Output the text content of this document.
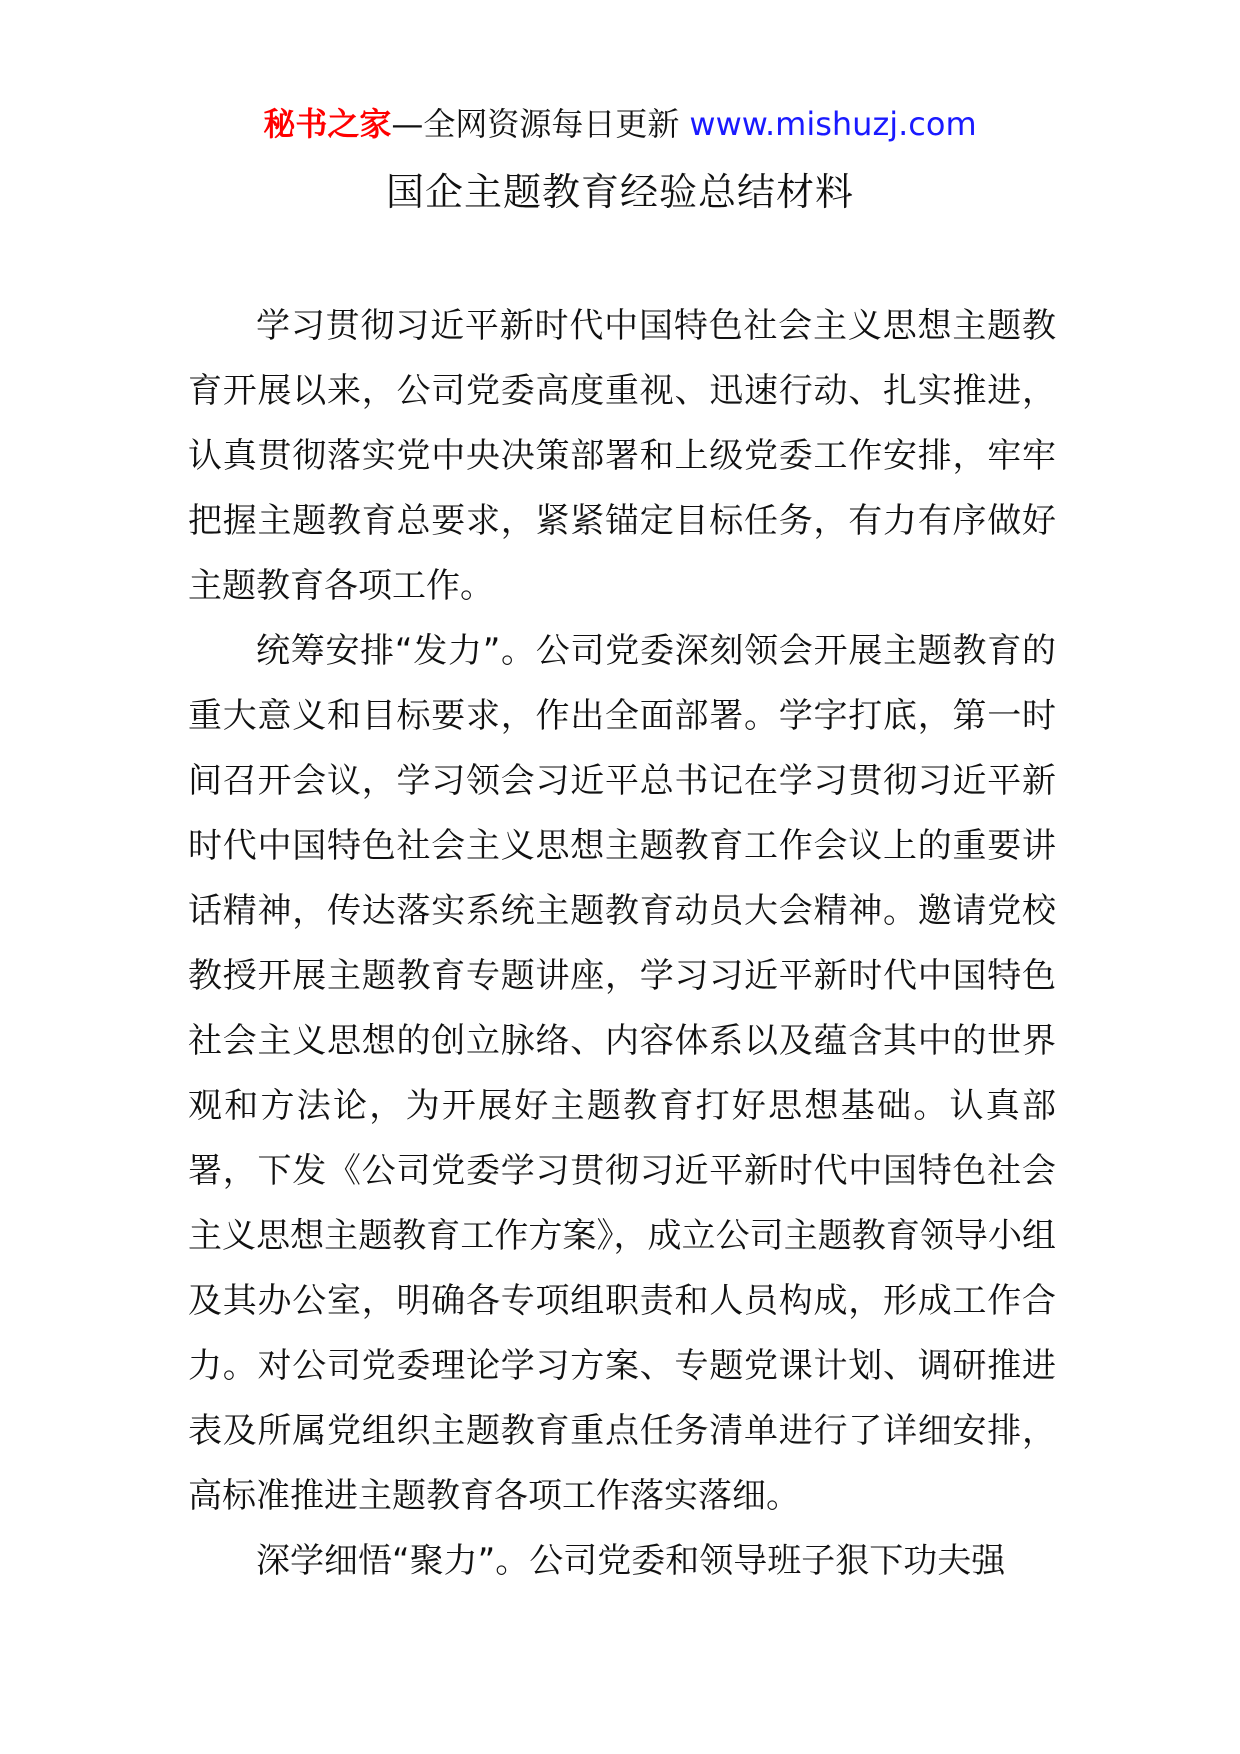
秘书之家—全网资源每日更新 www.mishuzj.com
国企主题教育经验总结材料

学习贯彻习近平新时代中国特色社会主义思想主题教育开展以来，公司党委高度重视、迅速行动、扎实推进，认真贯彻落实党中央决策部署和上级党委工作安排，牢牢把握主题教育总要求，紧紧锚定目标任务，有力有序做好主题教育各项工作。

统筹安排“发力”。公司党委深刻领会开展主题教育的重大意义和目标要求，作出全面部署。学字打底，第一时间召开会议，学习领会习近平总书记在学习贯彻习近平新时代中国特色社会主义思想主题教育工作会议上的重要讲话精神，传达落实系统主题教育动员大会精神。邀请党校教授开展主题教育专题讲座，学习习近平新时代中国特色社会主义思想的创立脉络、内容体系以及蕴含其中的世界观和方法论，为开展好主题教育打好思想基础。认真部署，下发《公司党委学习贯彻习近平新时代中国特色社会主义思想主题教育工作方案》，成立公司主题教育领导小组及其办公室，明确各专项组职责和人员构成，形成工作合力。对公司党委理论学习方案、专题党课计划、调研推进表及所属党组织主题教育重点任务清单进行了详细安排，高标准推进主题教育各项工作落实落细。

深学细悟“聚力”。公司党委和领导班子狠下功夫强
